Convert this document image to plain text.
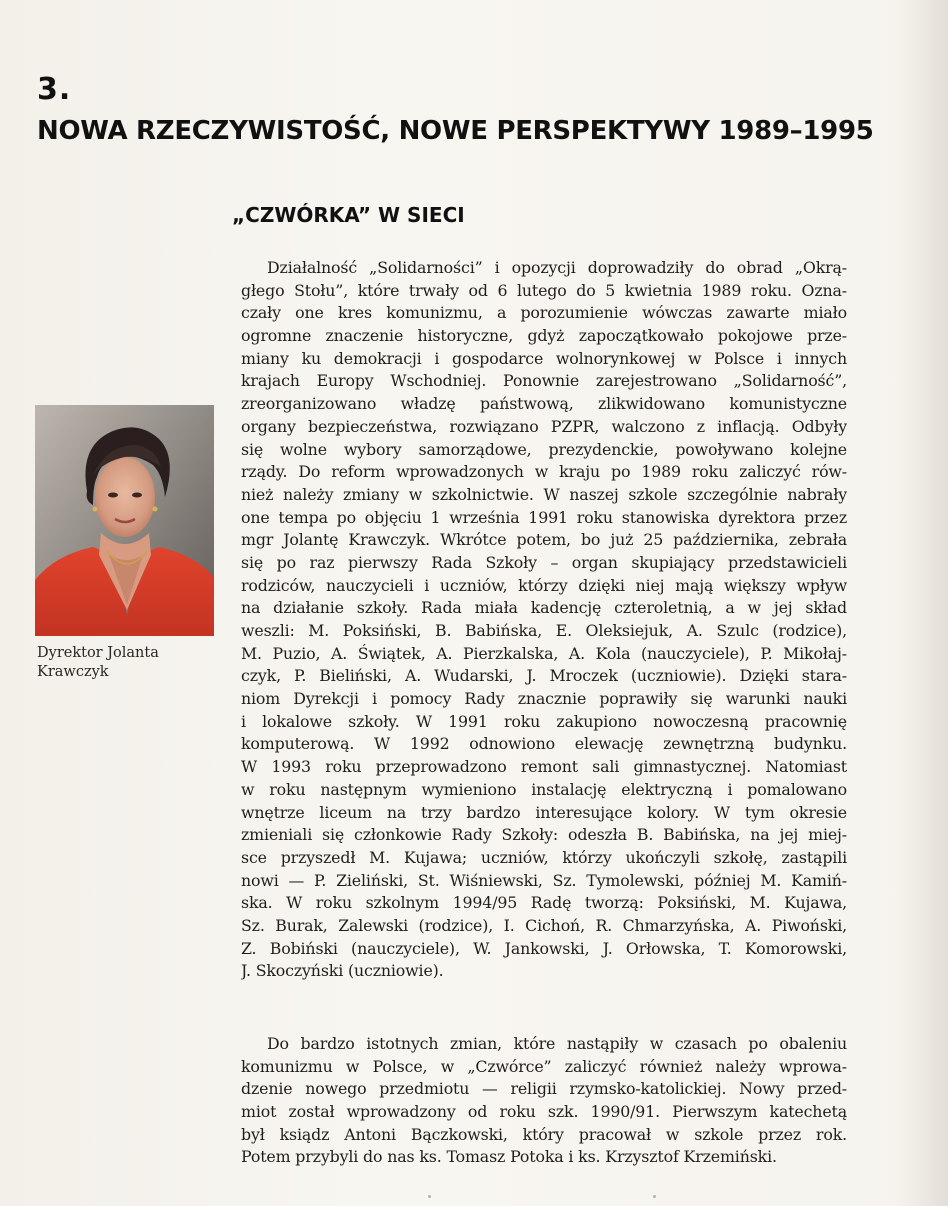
3.
NOWA RZECZYWISTOŚĆ, NOWE PERSPEKTYWY 1989–1995
„CZWÓRKA” W SIECI
Dyrektor Jolanta Krawczyk
Działalność „Solidarności” i opozycji doprowadziły do obrad „Okrą-
głego Stołu”, które trwały od 6 lutego do 5 kwietnia 1989 roku. Ozna-
czały one kres komunizmu, a porozumienie wówczas zawarte miało
ogromne znaczenie historyczne, gdyż zapoczątkowało pokojowe prze-
miany ku demokracji i gospodarce wolnorynkowej w Polsce i innych
krajach Europy Wschodniej. Ponownie zarejestrowano „Solidarność”,
zreorganizowano władzę państwową, zlikwidowano komunistyczne
organy bezpieczeństwa, rozwiązano PZPR, walczono z inflacją. Odbyły
się wolne wybory samorządowe, prezydenckie, powoływano kolejne
rządy. Do reform wprowadzonych w kraju po 1989 roku zaliczyć rów-
nież należy zmiany w szkolnictwie. W naszej szkole szczególnie nabrały
one tempa po objęciu 1 września 1991 roku stanowiska dyrektora przez
mgr Jolantę Krawczyk. Wkrótce potem, bo już 25 października, zebrała
się po raz pierwszy Rada Szkoły – organ skupiający przedstawicieli
rodziców, nauczycieli i uczniów, którzy dzięki niej mają większy wpływ
na działanie szkoły. Rada miała kadencję czteroletnią, a w jej skład
weszli: M. Poksiński, B. Babińska, E. Oleksiejuk, A. Szulc (rodzice),
M. Puzio, A. Świątek, A. Pierzkalska, A. Kola (nauczyciele), P. Mikołaj-
czyk, P. Bieliński, A. Wudarski, J. Mroczek (uczniowie). Dzięki stara-
niom Dyrekcji i pomocy Rady znacznie poprawiły się warunki nauki
i lokalowe szkoły. W 1991 roku zakupiono nowoczesną pracownię
komputerową. W 1992 odnowiono elewację zewnętrzną budynku.
W 1993 roku przeprowadzono remont sali gimnastycznej. Natomiast
w roku następnym wymieniono instalację elektryczną i pomalowano
wnętrze liceum na trzy bardzo interesujące kolory. W tym okresie
zmieniali się członkowie Rady Szkoły: odeszła B. Babińska, na jej miej-
sce przyszedł M. Kujawa; uczniów, którzy ukończyli szkołę, zastąpili
nowi — P. Zieliński, St. Wiśniewski, Sz. Tymolewski, później M. Kamiń-
ska. W roku szkolnym 1994/95 Radę tworzą: Poksiński, M. Kujawa,
Sz. Burak, Zalewski (rodzice), I. Cichoń, R. Chmarzyńska, A. Piwoński,
Z. Bobiński (nauczyciele), W. Jankowski, J. Orłowska, T. Komorowski,
J. Skoczyński (uczniowie).
Do bardzo istotnych zmian, które nastąpiły w czasach po obaleniu
komunizmu w Polsce, w „Czwórce” zaliczyć również należy wprowa-
dzenie nowego przedmiotu — religii rzymsko-katolickiej. Nowy przed-
miot został wprowadzony od roku szk. 1990/91. Pierwszym katechetą
był ksiądz Antoni Bączkowski, który pracował w szkole przez rok.
Potem przybyli do nas ks. Tomasz Potoka i ks. Krzysztof Krzemiński.
